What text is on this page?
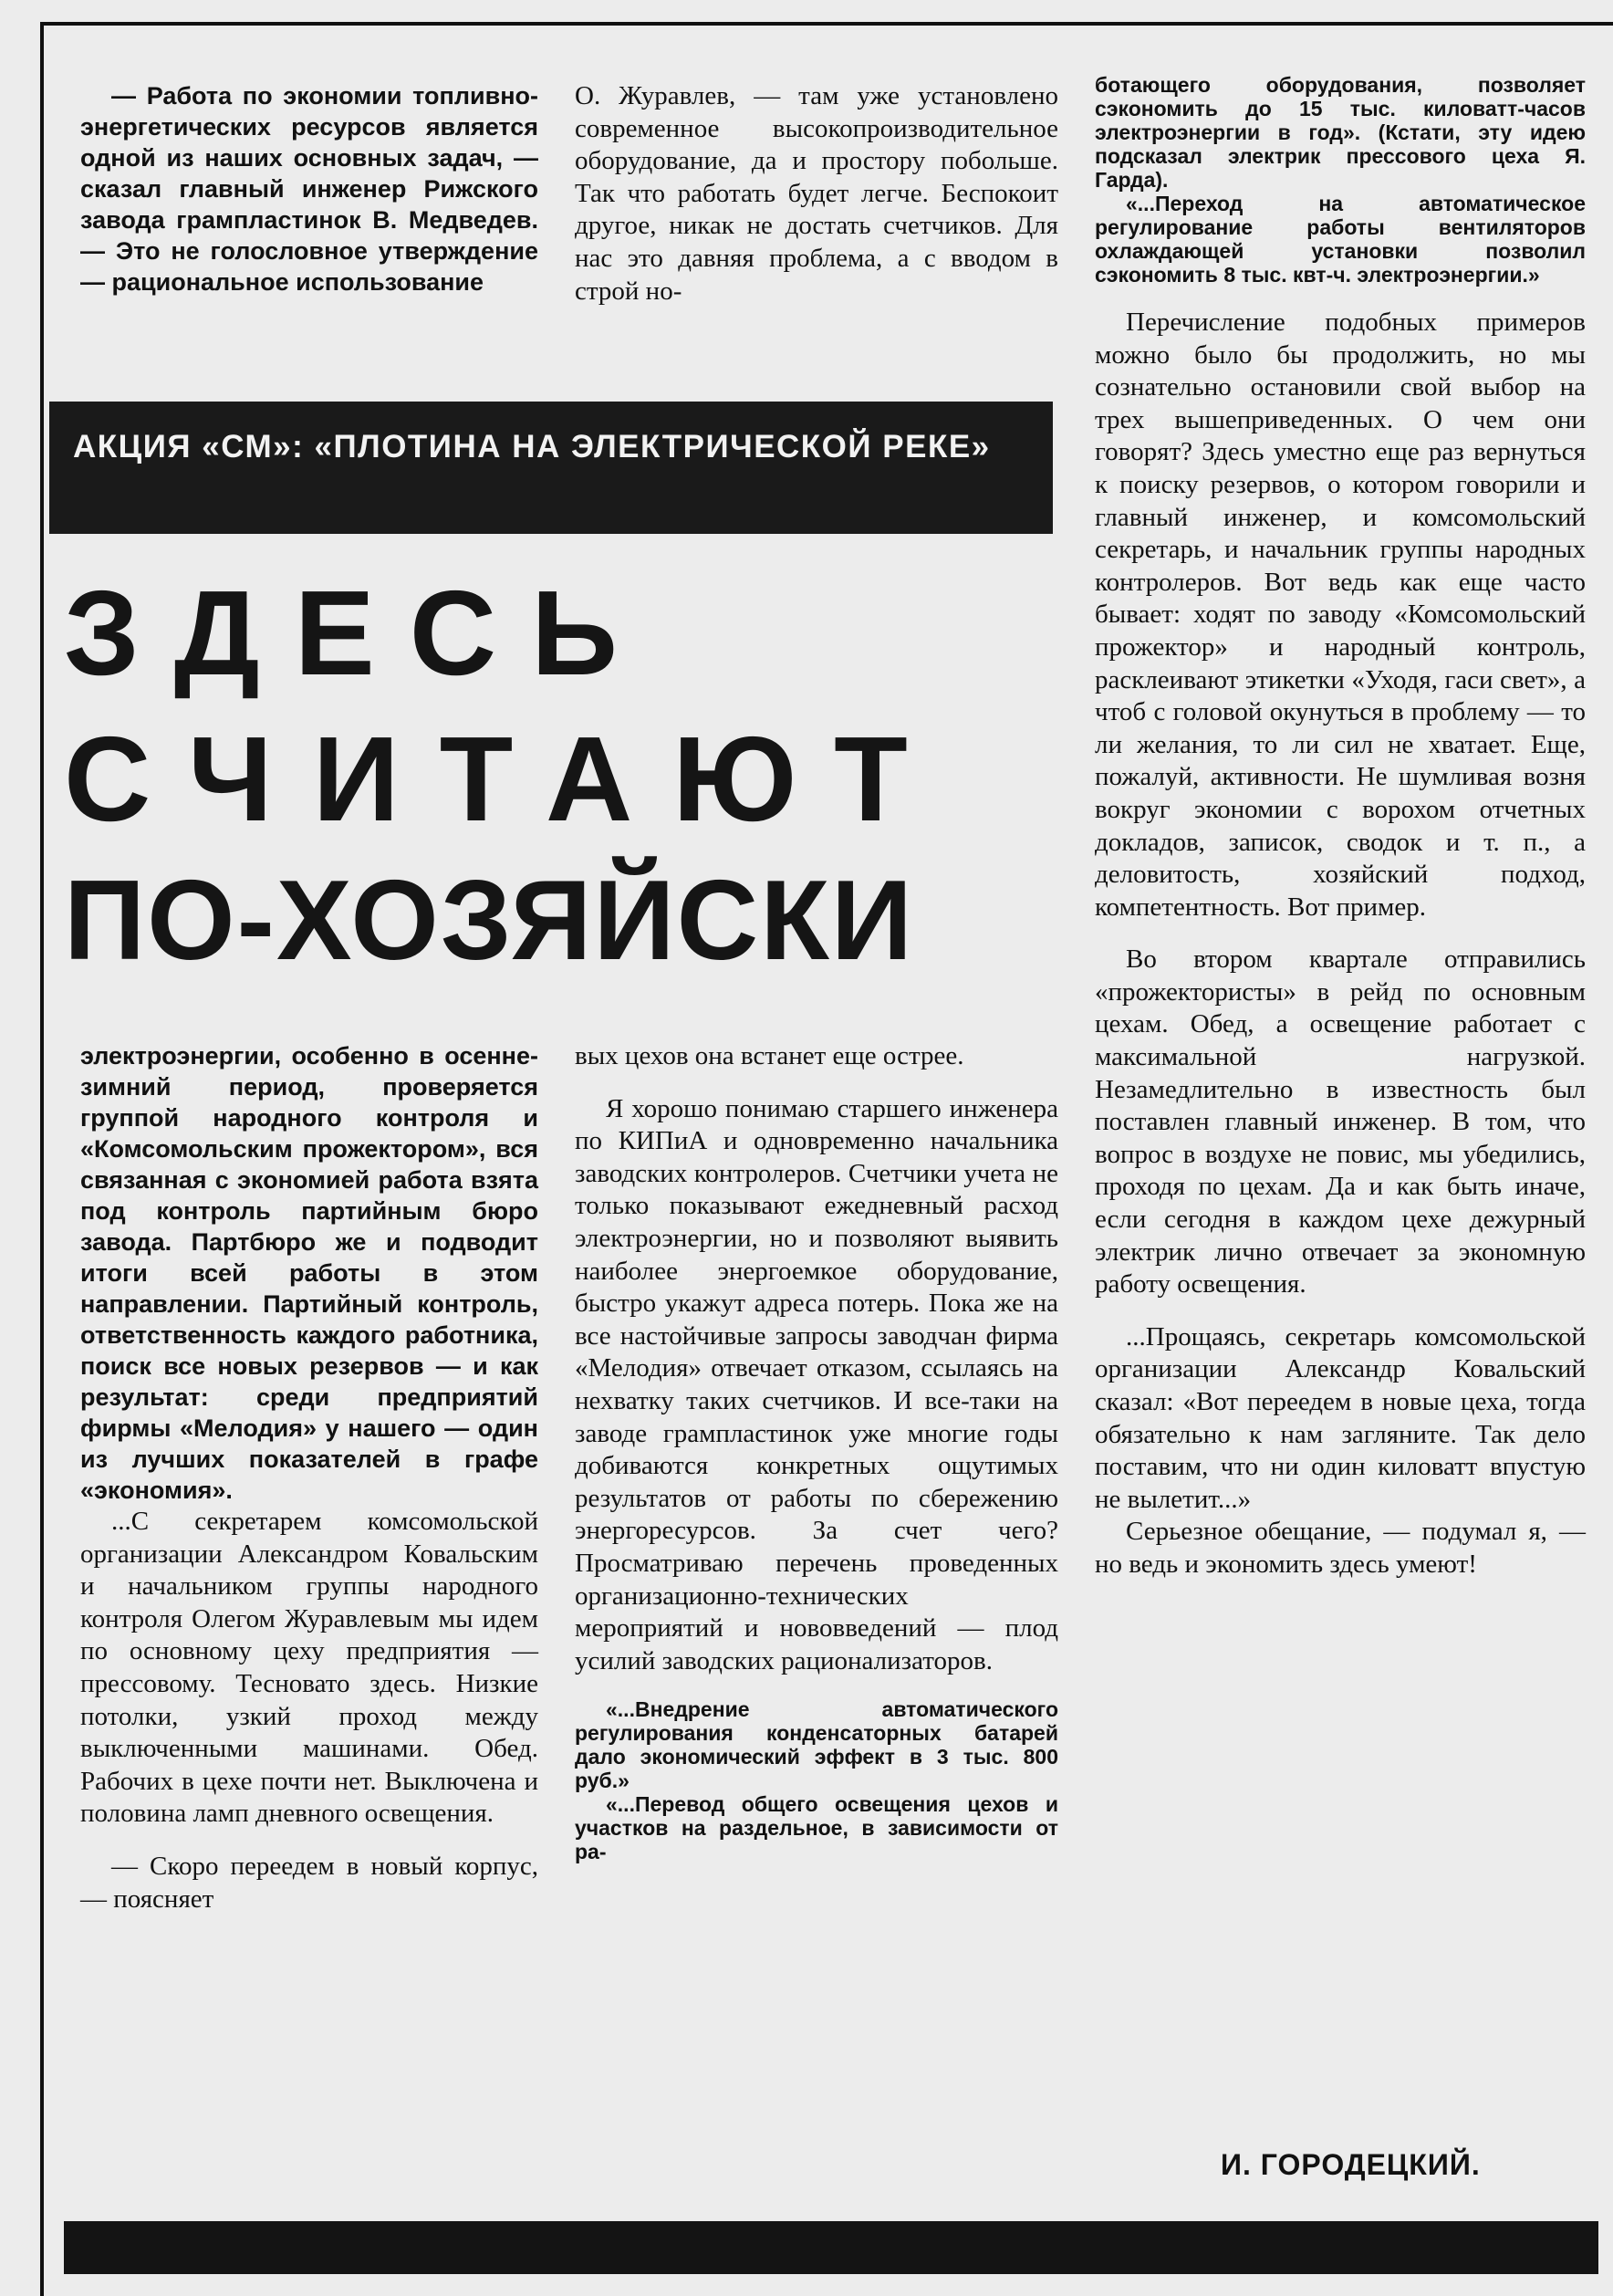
— Работа по экономии топливно-энергетических ресурсов является одной из наших основных задач, — сказал главный инженер Рижского завода грампластинок В. Медведев. — Это не голословное утверждение — рациональное использование

О. Журавлев, — там уже установлено современное высокопроизводительное оборудование, да и простору побольше. Так что работать будет легче. Беспокоит другое, никак не достать счетчиков. Для нас это давняя проблема, а с вводом в строй но-

АКЦИЯ «СМ»: «ПЛОТИНА НА ЭЛЕКТРИЧЕСКОЙ РЕКЕ»
ЗДЕСЬ
СЧИТАЮТ
ПО-ХОЗЯЙСКИ

электроэнергии, особенно в осенне-зимний период, проверяется группой народного контроля и «Комсомольским прожектором», вся связанная с экономией работа взята под контроль партийным бюро завода. Партбюро же и подводит итоги всей работы в этом направлении. Партийный контроль, ответственность каждого работника, поиск все новых резервов — и как результат: среди предприятий фирмы «Мелодия» у нашего — один из лучших показателей в графе «экономия».

...С секретарем комсомольской организации Александром Ковальским и начальником группы народного контроля Олегом Журавлевым мы идем по основному цеху предприятия — прессовому. Тесновато здесь. Низкие потолки, узкий проход между выключенными машинами. Обед. Рабочих в цехе почти нет. Выключена и половина ламп дневного освещения.

— Скоро переедем в новый корпус, — поясняет

вых цехов она встанет еще острее.

Я хорошо понимаю старшего инженера по КИПиА и одновременно начальника заводских контролеров. Счетчики учета не только показывают ежедневный расход электроэнергии, но и позволяют выявить наиболее энергоемкое оборудование, быстро укажут адреса потерь. Пока же на все настойчивые запросы заводчан фирма «Мелодия» отвечает отказом, ссылаясь на нехватку таких счетчиков. И все-таки на заводе грампластинок уже многие годы добиваются конкретных ощутимых результатов от работы по сбережению энергоресурсов. За счет чего? Просматриваю перечень проведенных организационно-технических мероприятий и нововведений — плод усилий заводских рационализаторов.

«...Внедрение автоматического регулирования конденсаторных батарей дало экономический эффект в 3 тыс. 800 руб.»

«...Перевод общего освещения цехов и участков на раздельное, в зависимости от ра-

ботающего оборудования, позволяет сэкономить до 15 тыс. киловатт-часов электроэнергии в год». (Кстати, эту идею подсказал электрик прессового цеха Я. Гарда).

«...Переход на автоматическое регулирование работы вентиляторов охлаждающей установки позволил сэкономить 8 тыс. квт-ч. электроэнергии.»

Перечисление подобных примеров можно было бы продолжить, но мы сознательно остановили свой выбор на трех вышеприведенных. О чем они говорят? Здесь уместно еще раз вернуться к поиску резервов, о котором говорили и главный инженер, и комсомольский секретарь, и начальник группы народных контролеров. Вот ведь как еще часто бывает: ходят по заводу «Комсомольский прожектор» и народный контроль, расклеивают этикетки «Уходя, гаси свет», а чтоб с головой окунуться в проблему — то ли желания, то ли сил не хватает. Еще, пожалуй, активности. Не шумливая возня вокруг экономии с ворохом отчетных докладов, записок, сводок и т. п., а деловитость, хозяйский подход, компетентность. Вот пример.

Во втором квартале отправились «прожектористы» в рейд по основным цехам. Обед, а освещение работает с максимальной нагрузкой. Незамедлительно в известность был поставлен главный инженер. В том, что вопрос в воздухе не повис, мы убедились, проходя по цехам. Да и как быть иначе, если сегодня в каждом цехе дежурный электрик лично отвечает за экономную работу освещения.

...Прощаясь, секретарь комсомольской организации Александр Ковальский сказал: «Вот переедем в новые цеха, тогда обязательно к нам загляните. Так дело поставим, что ни один киловатт впустую не вылетит...»

Серьезное обещание, — подумал я, — но ведь и экономить здесь умеют!

И. ГОРОДЕЦКИЙ.
